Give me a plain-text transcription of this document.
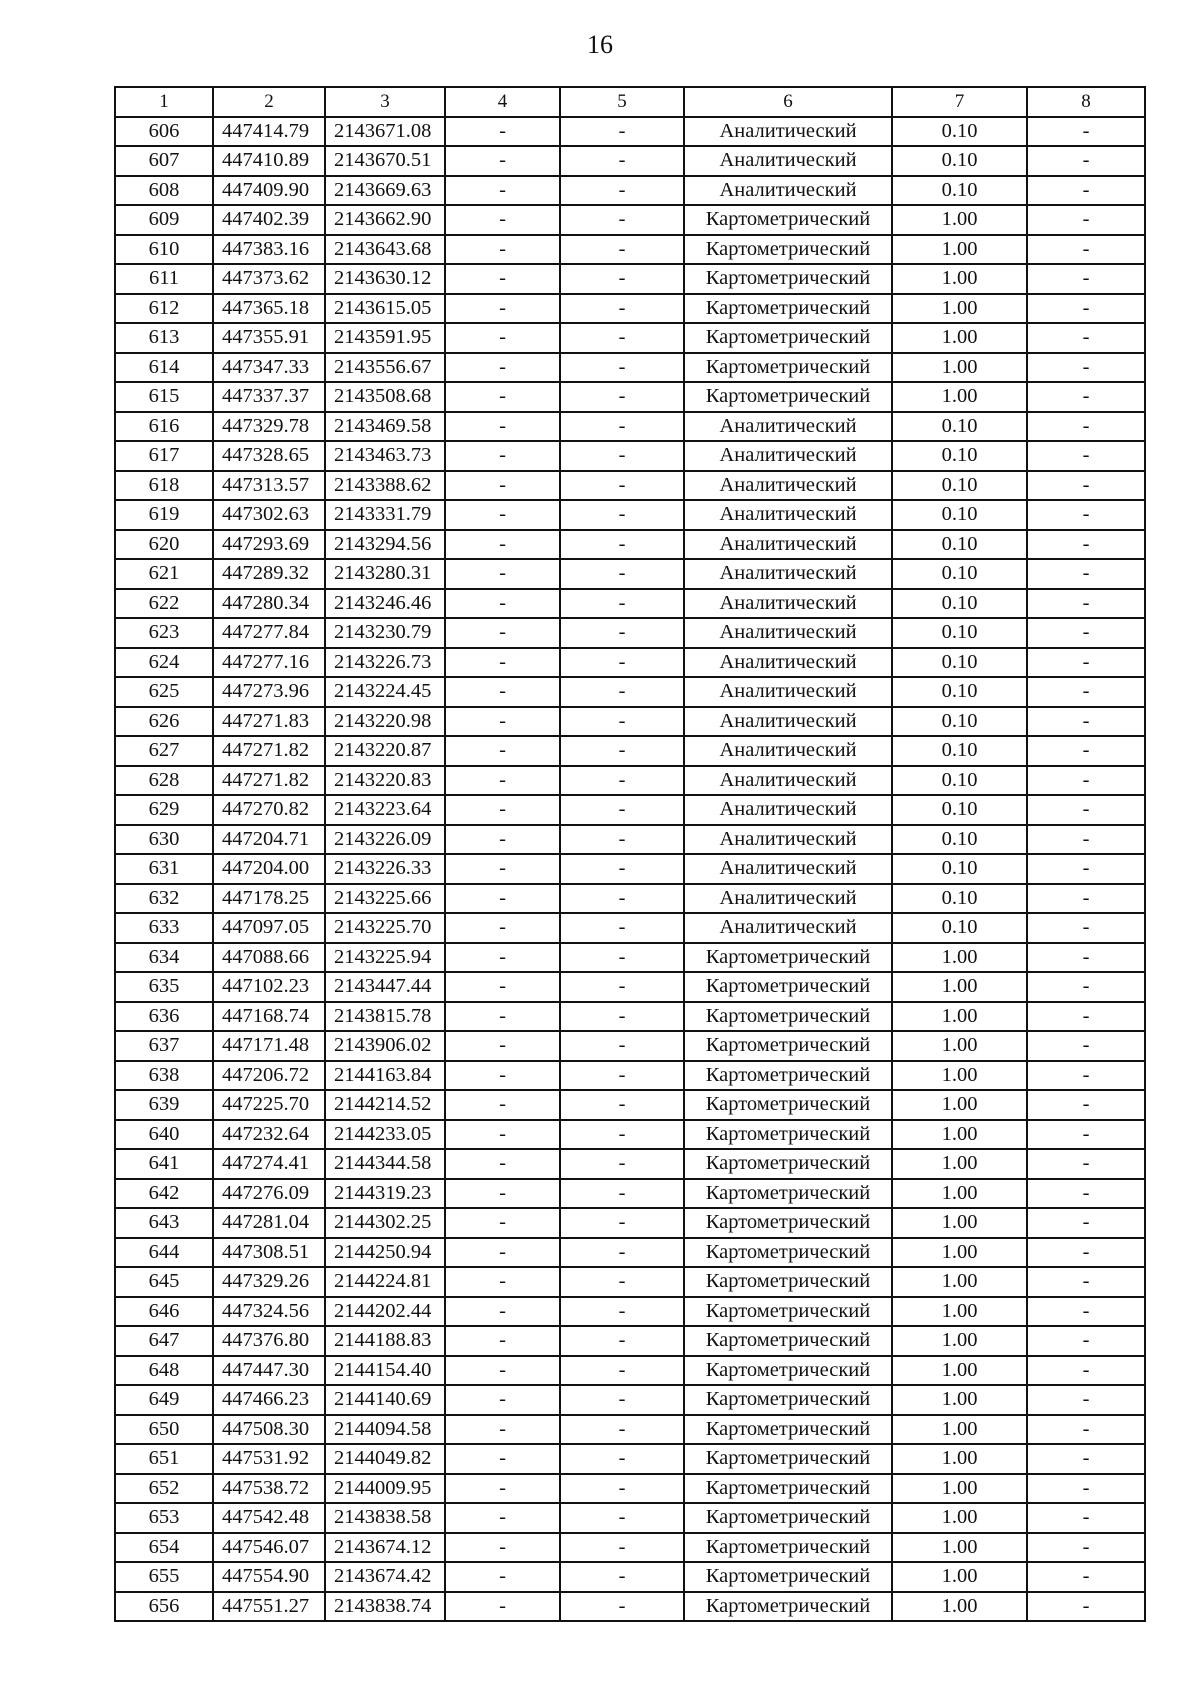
16
1	2	3	4	5	6	7	8
606	447414.79	2143671.08	-	-	Аналитический	0.10	-
607	447410.89	2143670.51	-	-	Аналитический	0.10	-
608	447409.90	2143669.63	-	-	Аналитический	0.10	-
609	447402.39	2143662.90	-	-	Картометрический	1.00	-
610	447383.16	2143643.68	-	-	Картометрический	1.00	-
611	447373.62	2143630.12	-	-	Картометрический	1.00	-
612	447365.18	2143615.05	-	-	Картометрический	1.00	-
613	447355.91	2143591.95	-	-	Картометрический	1.00	-
614	447347.33	2143556.67	-	-	Картометрический	1.00	-
615	447337.37	2143508.68	-	-	Картометрический	1.00	-
616	447329.78	2143469.58	-	-	Аналитический	0.10	-
617	447328.65	2143463.73	-	-	Аналитический	0.10	-
618	447313.57	2143388.62	-	-	Аналитический	0.10	-
619	447302.63	2143331.79	-	-	Аналитический	0.10	-
620	447293.69	2143294.56	-	-	Аналитический	0.10	-
621	447289.32	2143280.31	-	-	Аналитический	0.10	-
622	447280.34	2143246.46	-	-	Аналитический	0.10	-
623	447277.84	2143230.79	-	-	Аналитический	0.10	-
624	447277.16	2143226.73	-	-	Аналитический	0.10	-
625	447273.96	2143224.45	-	-	Аналитический	0.10	-
626	447271.83	2143220.98	-	-	Аналитический	0.10	-
627	447271.82	2143220.87	-	-	Аналитический	0.10	-
628	447271.82	2143220.83	-	-	Аналитический	0.10	-
629	447270.82	2143223.64	-	-	Аналитический	0.10	-
630	447204.71	2143226.09	-	-	Аналитический	0.10	-
631	447204.00	2143226.33	-	-	Аналитический	0.10	-
632	447178.25	2143225.66	-	-	Аналитический	0.10	-
633	447097.05	2143225.70	-	-	Аналитический	0.10	-
634	447088.66	2143225.94	-	-	Картометрический	1.00	-
635	447102.23	2143447.44	-	-	Картометрический	1.00	-
636	447168.74	2143815.78	-	-	Картометрический	1.00	-
637	447171.48	2143906.02	-	-	Картометрический	1.00	-
638	447206.72	2144163.84	-	-	Картометрический	1.00	-
639	447225.70	2144214.52	-	-	Картометрический	1.00	-
640	447232.64	2144233.05	-	-	Картометрический	1.00	-
641	447274.41	2144344.58	-	-	Картометрический	1.00	-
642	447276.09	2144319.23	-	-	Картометрический	1.00	-
643	447281.04	2144302.25	-	-	Картометрический	1.00	-
644	447308.51	2144250.94	-	-	Картометрический	1.00	-
645	447329.26	2144224.81	-	-	Картометрический	1.00	-
646	447324.56	2144202.44	-	-	Картометрический	1.00	-
647	447376.80	2144188.83	-	-	Картометрический	1.00	-
648	447447.30	2144154.40	-	-	Картометрический	1.00	-
649	447466.23	2144140.69	-	-	Картометрический	1.00	-
650	447508.30	2144094.58	-	-	Картометрический	1.00	-
651	447531.92	2144049.82	-	-	Картометрический	1.00	-
652	447538.72	2144009.95	-	-	Картометрический	1.00	-
653	447542.48	2143838.58	-	-	Картометрический	1.00	-
654	447546.07	2143674.12	-	-	Картометрический	1.00	-
655	447554.90	2143674.42	-	-	Картометрический	1.00	-
656	447551.27	2143838.74	-	-	Картометрический	1.00	-
